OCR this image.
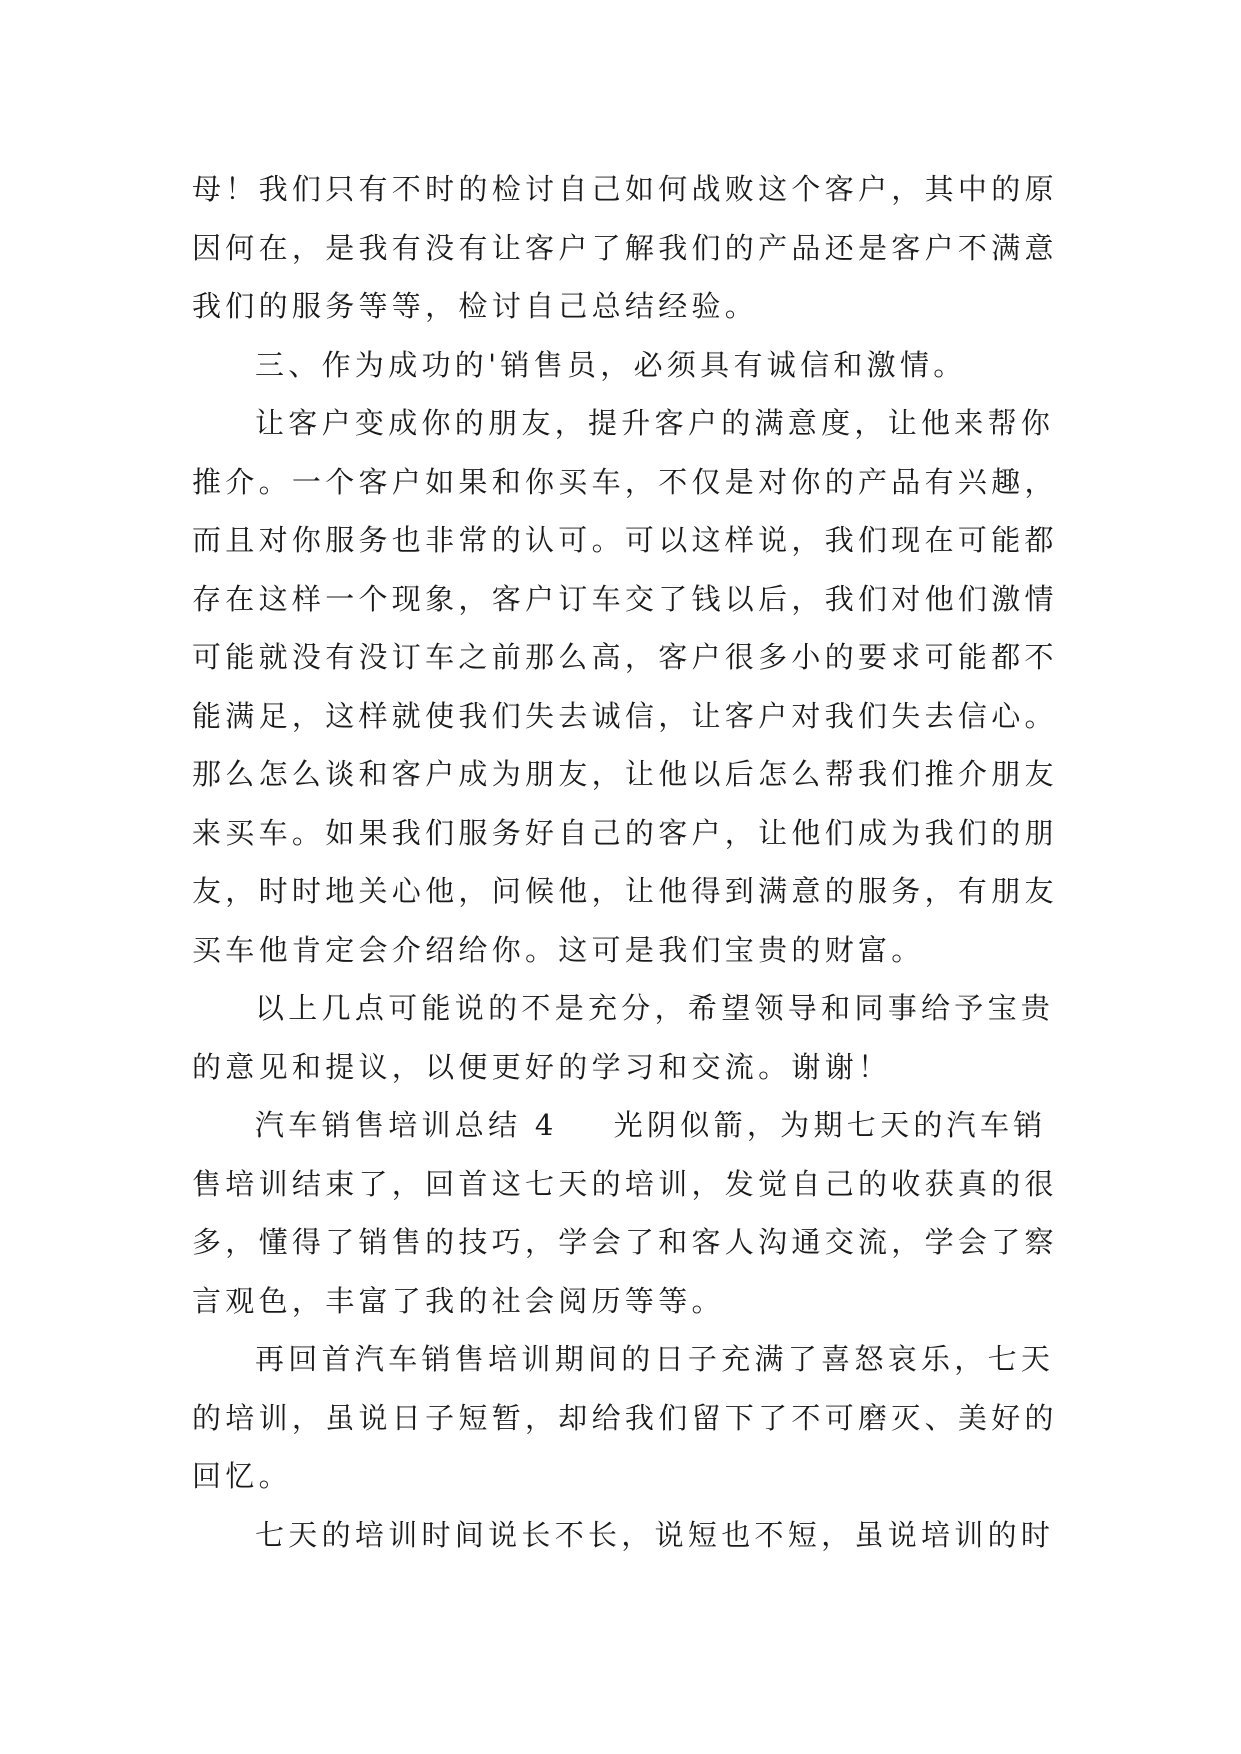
母！我们只有不时的检讨自己如何战败这个客户，其中的原
因何在，是我有没有让客户了解我们的产品还是客户不满意
我们的服务等等，检讨自己总结经验。
三、作为成功的'销售员，必须具有诚信和激情。
让客户变成你的朋友，提升客户的满意度，让他来帮你
推介。一个客户如果和你买车，不仅是对你的产品有兴趣，
而且对你服务也非常的认可。可以这样说，我们现在可能都
存在这样一个现象，客户订车交了钱以后，我们对他们激情
可能就没有没订车之前那么高，客户很多小的要求可能都不
能满足，这样就使我们失去诚信，让客户对我们失去信心。
那么怎么谈和客户成为朋友，让他以后怎么帮我们推介朋友
来买车。如果我们服务好自己的客户，让他们成为我们的朋
友，时时地关心他，问候他，让他得到满意的服务，有朋友
买车他肯定会介绍给你。这可是我们宝贵的财富。
以上几点可能说的不是充分，希望领导和同事给予宝贵
的意见和提议，以便更好的学习和交流。谢谢！
汽车销售培训总结 4 光阴似箭，为期七天的汽车销
售培训结束了，回首这七天的培训，发觉自己的收获真的很
多，懂得了销售的技巧，学会了和客人沟通交流，学会了察
言观色，丰富了我的社会阅历等等。
再回首汽车销售培训期间的日子充满了喜怒哀乐，七天
的培训，虽说日子短暂，却给我们留下了不可磨灭、美好的
回忆。
七天的培训时间说长不长，说短也不短，虽说培训的时
